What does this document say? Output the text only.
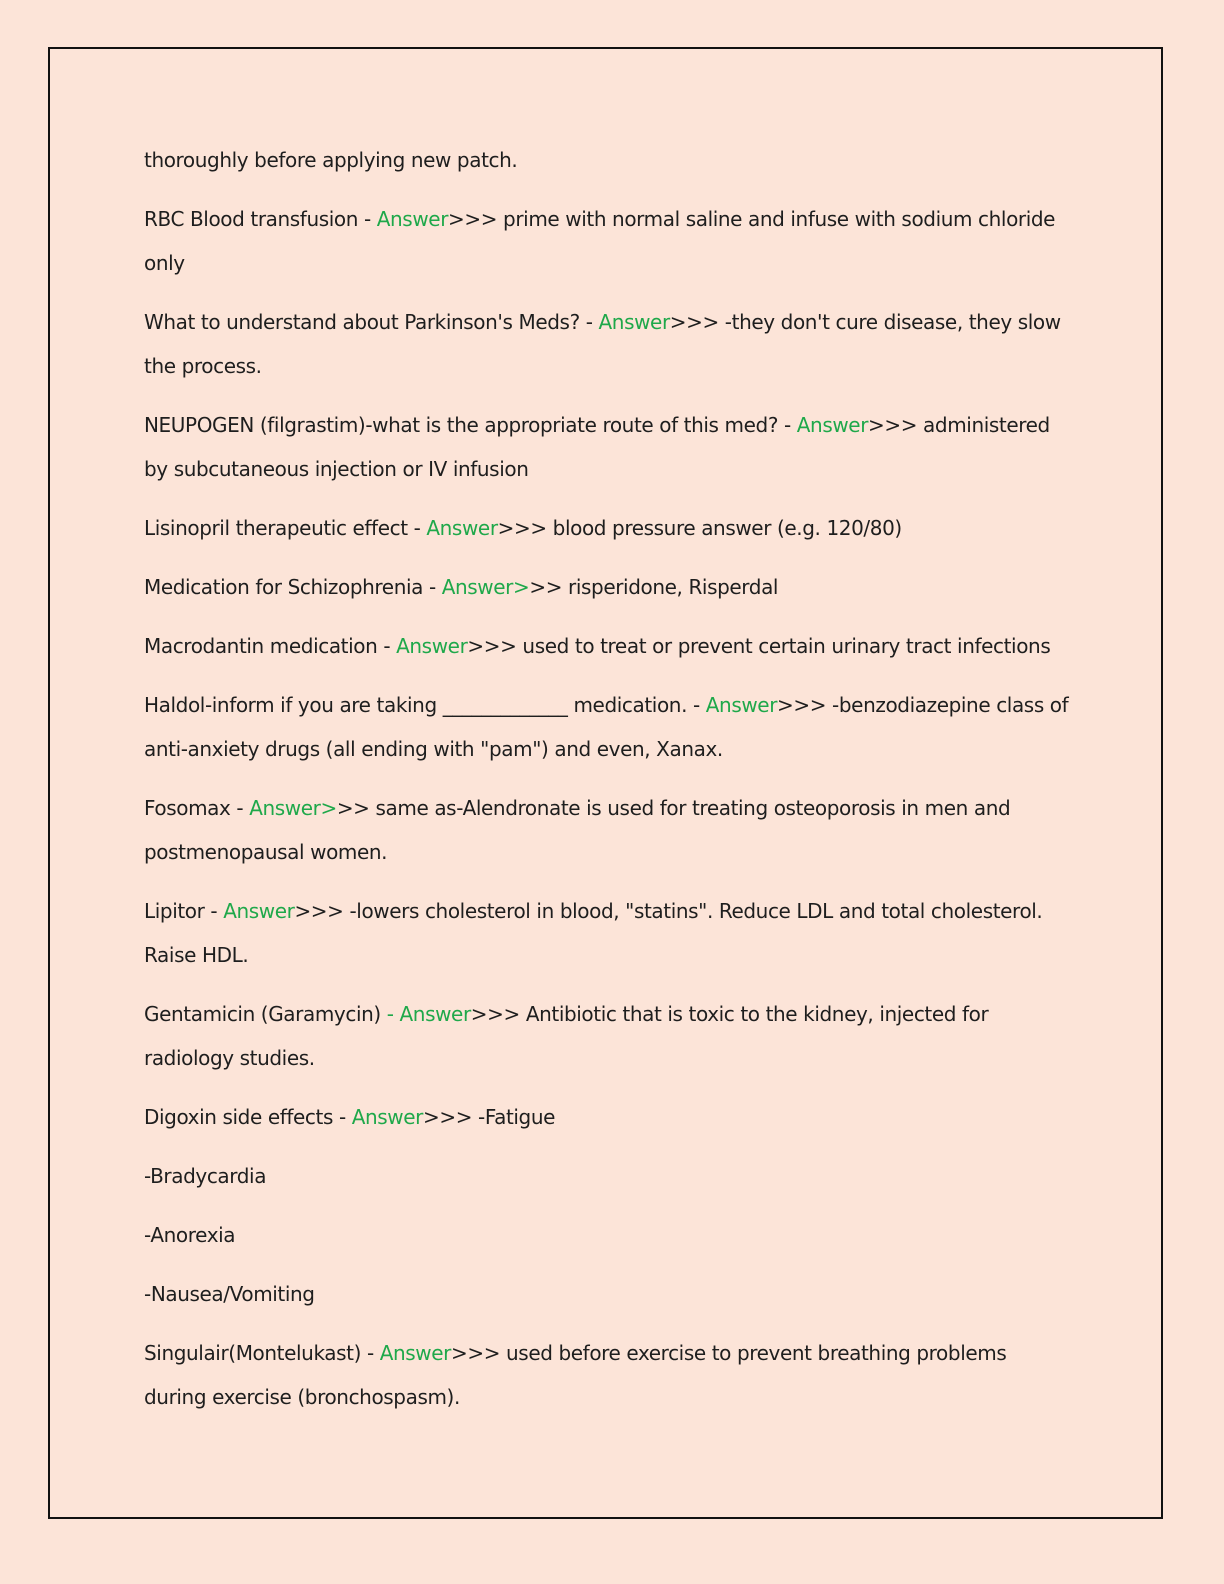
thoroughly before applying new patch.

RBC Blood transfusion - Answer>>> prime with normal saline and infuse with sodium chloride only

What to understand about Parkinson's Meds? - Answer>>> -they don't cure disease, they slow the process.

NEUPOGEN (filgrastim)-what is the appropriate route of this med? - Answer>>> administered by subcutaneous injection or IV infusion

Lisinopril therapeutic effect - Answer>>> blood pressure answer (e.g. 120/80)

Medication for Schizophrenia - Answer>>> risperidone, Risperdal

Macrodantin medication - Answer>>> used to treat or prevent certain urinary tract infections

Haldol-inform if you are taking _____________ medication. - Answer>>> -benzodiazepine class of anti-anxiety drugs (all ending with "pam") and even, Xanax.

Fosomax - Answer>>> same as-Alendronate is used for treating osteoporosis in men and postmenopausal women.

Lipitor - Answer>>> -lowers cholesterol in blood, "statins". Reduce LDL and total cholesterol. Raise HDL.

Gentamicin (Garamycin) - Answer>>> Antibiotic that is toxic to the kidney, injected for radiology studies.

Digoxin side effects - Answer>>> -Fatigue

-Bradycardia

-Anorexia

-Nausea/Vomiting

Singulair(Montelukast) - Answer>>> used before exercise to prevent breathing problems during exercise (bronchospasm).
